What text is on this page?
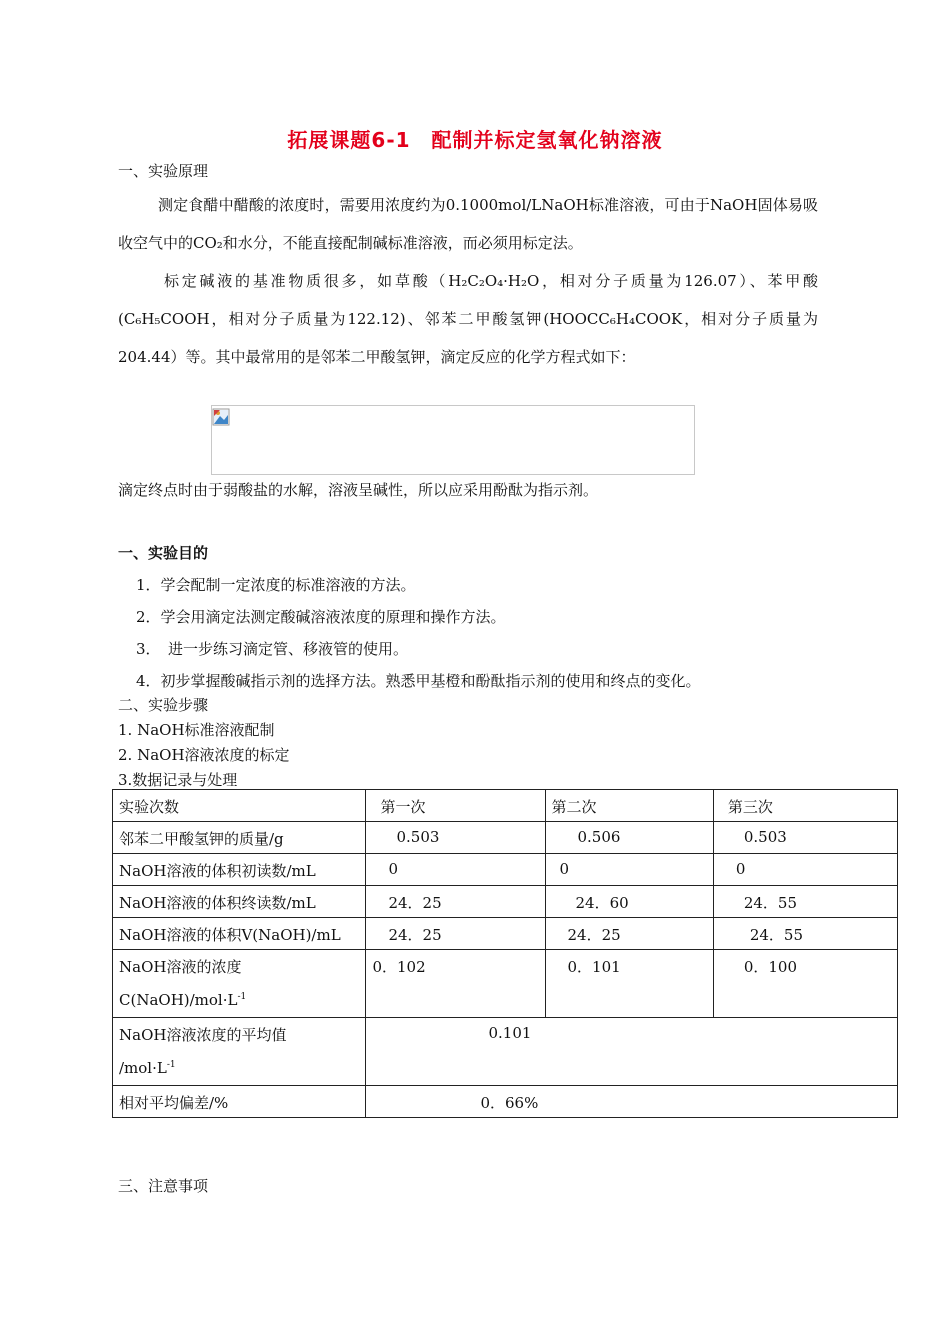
拓展课题6-1　配制并标定氢氧化钠溶液
一、实验原理
测定食醋中醋酸的浓度时，需要用浓度约为0.1000mol/LNaOH标准溶液，可由于NaOH固体易吸收空气中的CO₂和水分，不能直接配制碱标准溶液，而必须用标定法。
标定碱液的基准物质很多，如草酸（H₂C₂O₄·H₂O，相对分子质量为126.07）、苯甲酸(C₆H₅COOH，相对分子质量为122.12)、邻苯二甲酸氢钾(HOOCC₆H₄COOK，相对分子质量为204.44）等。其中最常用的是邻苯二甲酸氢钾，滴定反应的化学方程式如下：
滴定终点时由于弱酸盐的水解，溶液呈碱性，所以应采用酚酞为指示剂。
一、实验目的
1．学会配制一定浓度的标准溶液的方法。
2．学会用滴定法测定酸碱溶液浓度的原理和操作方法。
3．　进一步练习滴定管、移液管的使用。
4．初步掌握酸碱指示剂的选择方法。熟悉甲基橙和酚酞指示剂的使用和终点的变化。
二、实验步骤
1. NaOH标准溶液配制
2. NaOH溶液浓度的标定
3.数据记录与处理
实验次数	第一次	第二次	第三次
邻苯二甲酸氢钾的质量/g	0.503	0.506	0.503
NaOH溶液的体积初读数/mL	0	0	0
NaOH溶液的体积终读数/mL	24．25	24．60	24．55
NaOH溶液的体积V(NaOH)/mL	24．25	24．25	24．55
NaOH溶液的浓度
$C(NaOH)/mol\cdot L^{-1}$	0．102	0．101	0．100
NaOH溶液浓度的平均值
$/mol\cdot L^{-1}$	0.101		
相对平均偏差/%	0．66%		
三、注意事项
